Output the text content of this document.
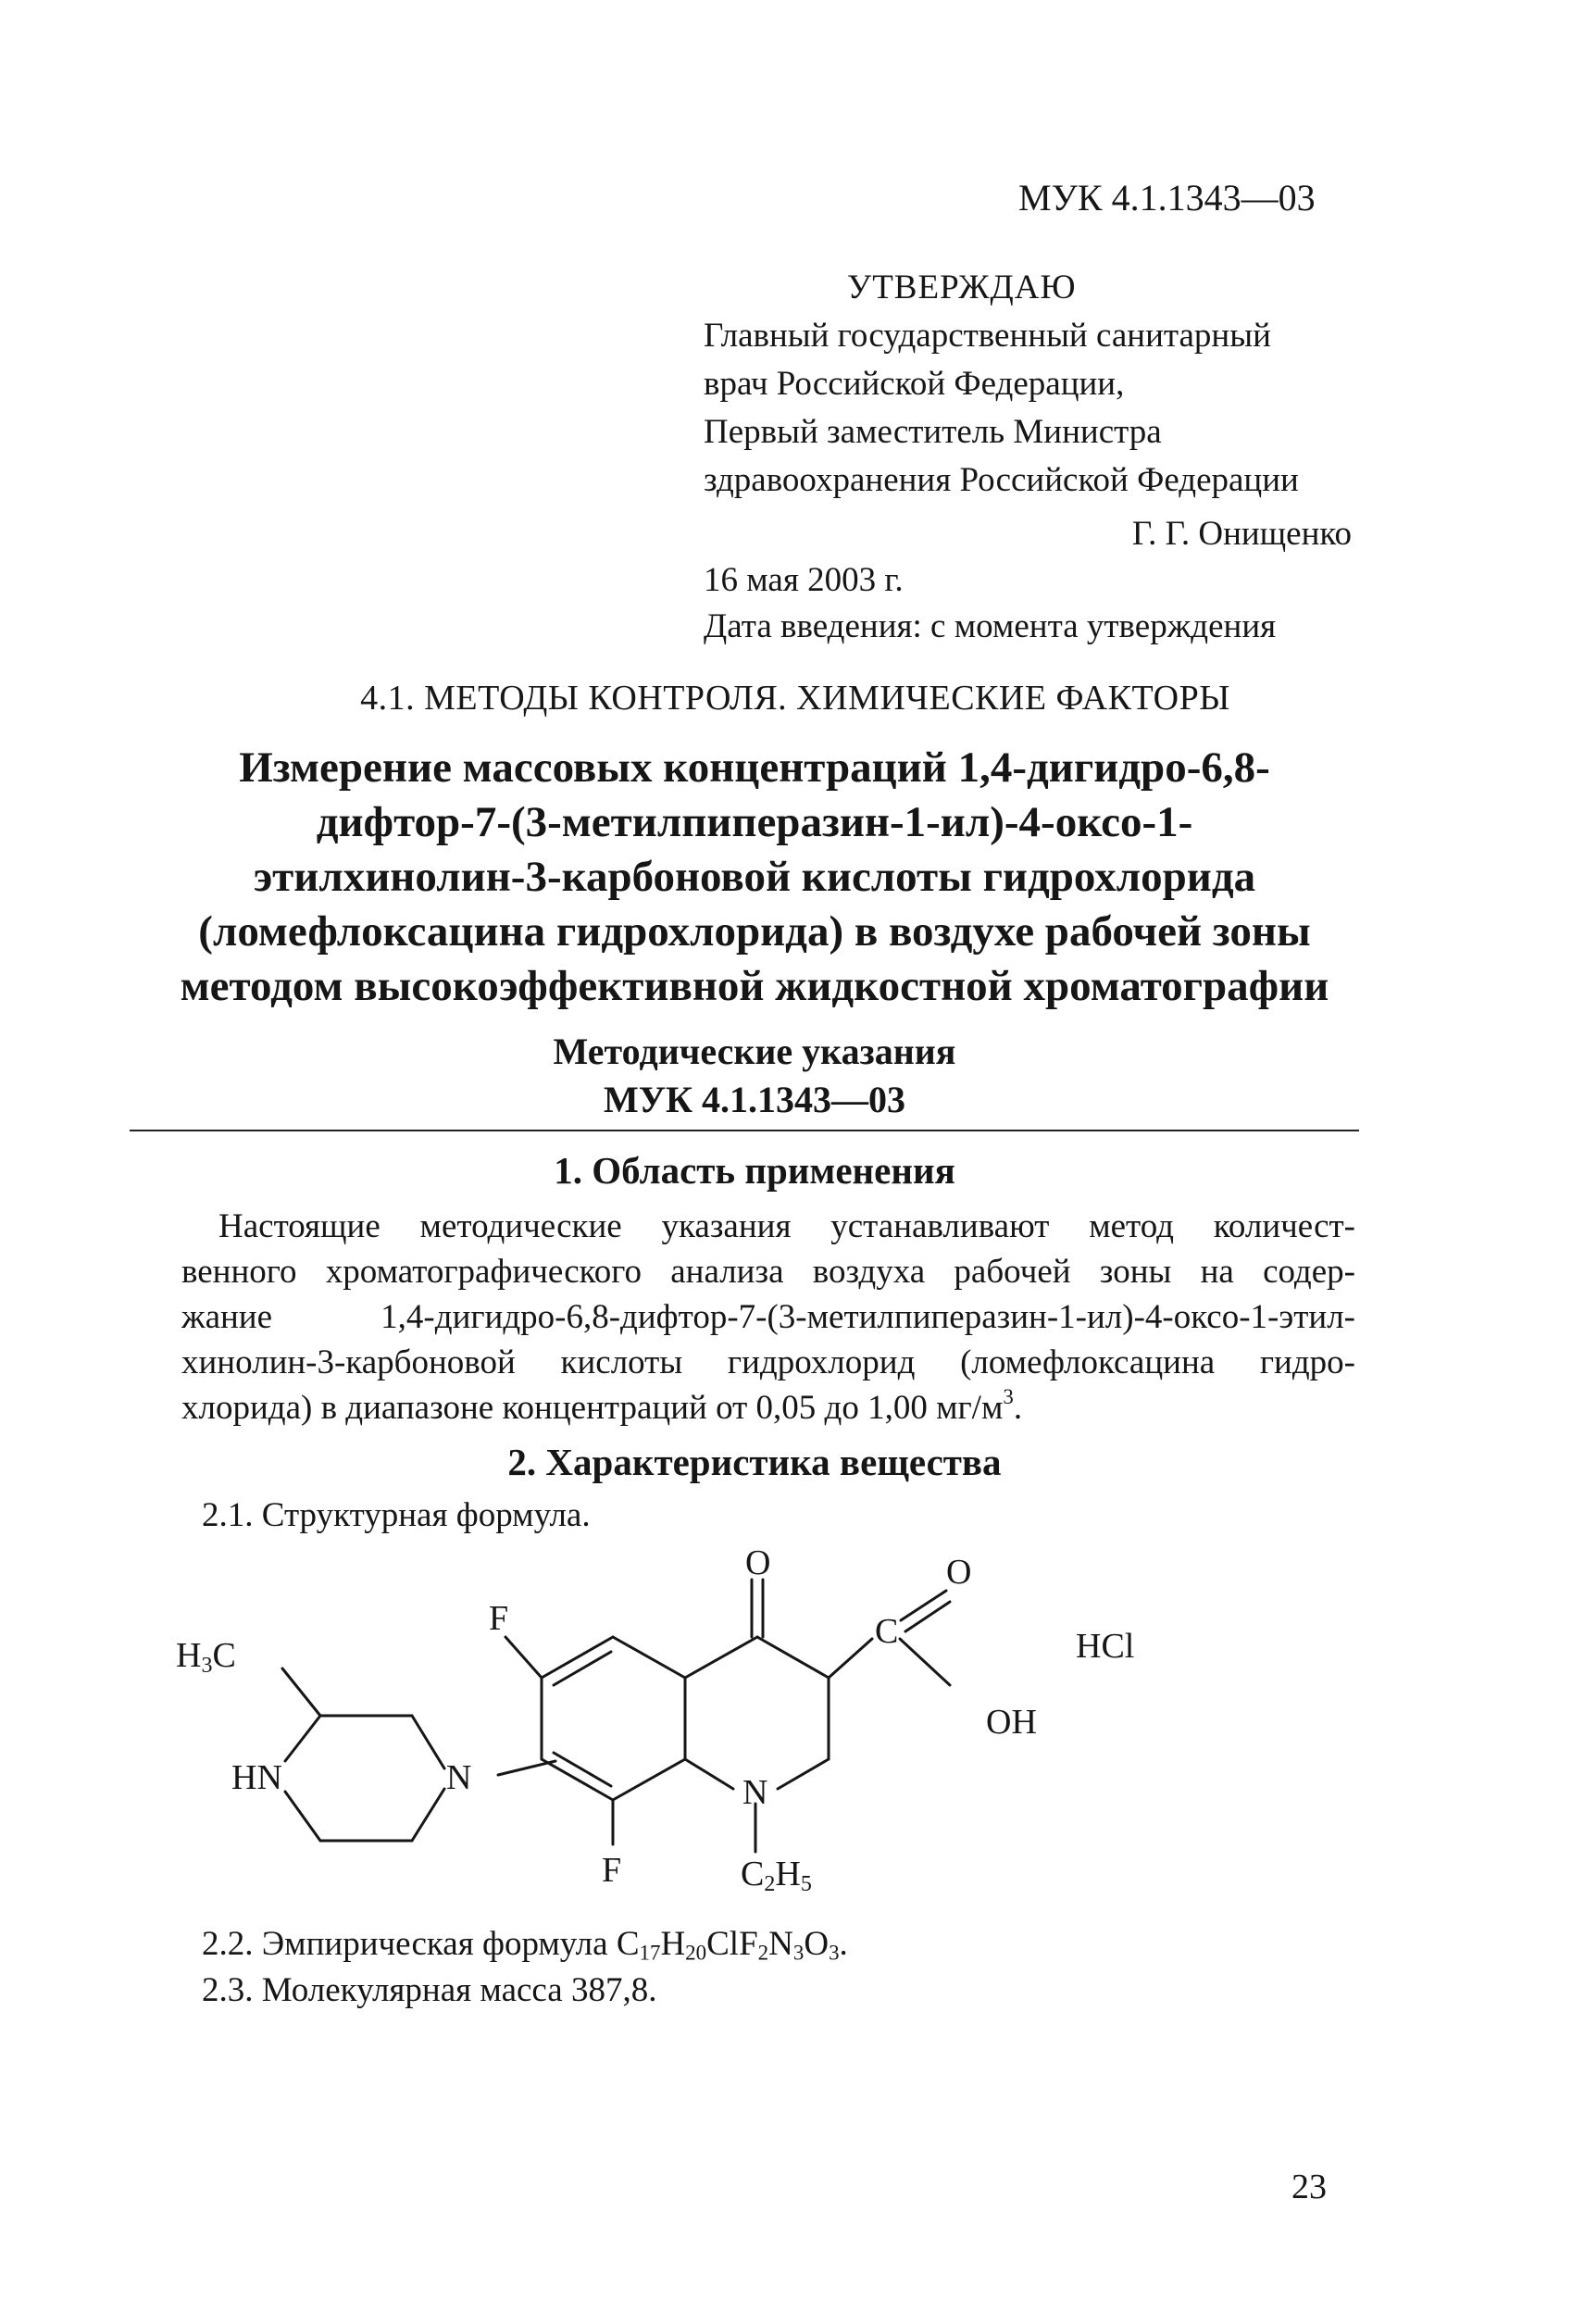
МУК 4.1.1343—03
УТВЕРЖДАЮ
Главный государственный санитарный
врач Российской Федерации,
Первый заместитель Министра
здравоохранения Российской Федерации
Г. Г. Онищенко
16 мая 2003 г.
Дата введения: с момента утверждения
4.1. МЕТОДЫ КОНТРОЛЯ. ХИМИЧЕСКИЕ ФАКТОРЫ
Измерение массовых концентраций 1,4-дигидро-6,8-
дифтор-7-(3-метилпиперазин-1-ил)-4-оксо-1-
этилхинолин-3-карбоновой кислоты гидрохлорида
(ломефлоксацина гидрохлорида) в воздухе рабочей зоны
методом высокоэффективной жидкостной хроматографии
Методические указания
МУК 4.1.1343—03
1. Область применения
Настоящие методические указания устанавливают метод количест-
венного хроматографического анализа воздуха рабочей зоны на содер-
жание 1,4-дигидро-6,8-дифтор-7-(3-метилпиперазин-1-ил)-4-оксо-1-этил-
хинолин-3-карбоновой кислоты гидрохлорид (ломефлоксацина гидро-
хлорида) в диапазоне концентраций от 0,05 до 1,00 $мг/м^3$.
2. Характеристика вещества
2.1. Структурная формула.
H3C
HN	N
F
F
O	O
C
OH
N
C2H5
HCl
2.2. Эмпирическая формула $C_{17}H_{20}ClF_2N_3O_3$.
2.3. Молекулярная масса 387,8.
23
